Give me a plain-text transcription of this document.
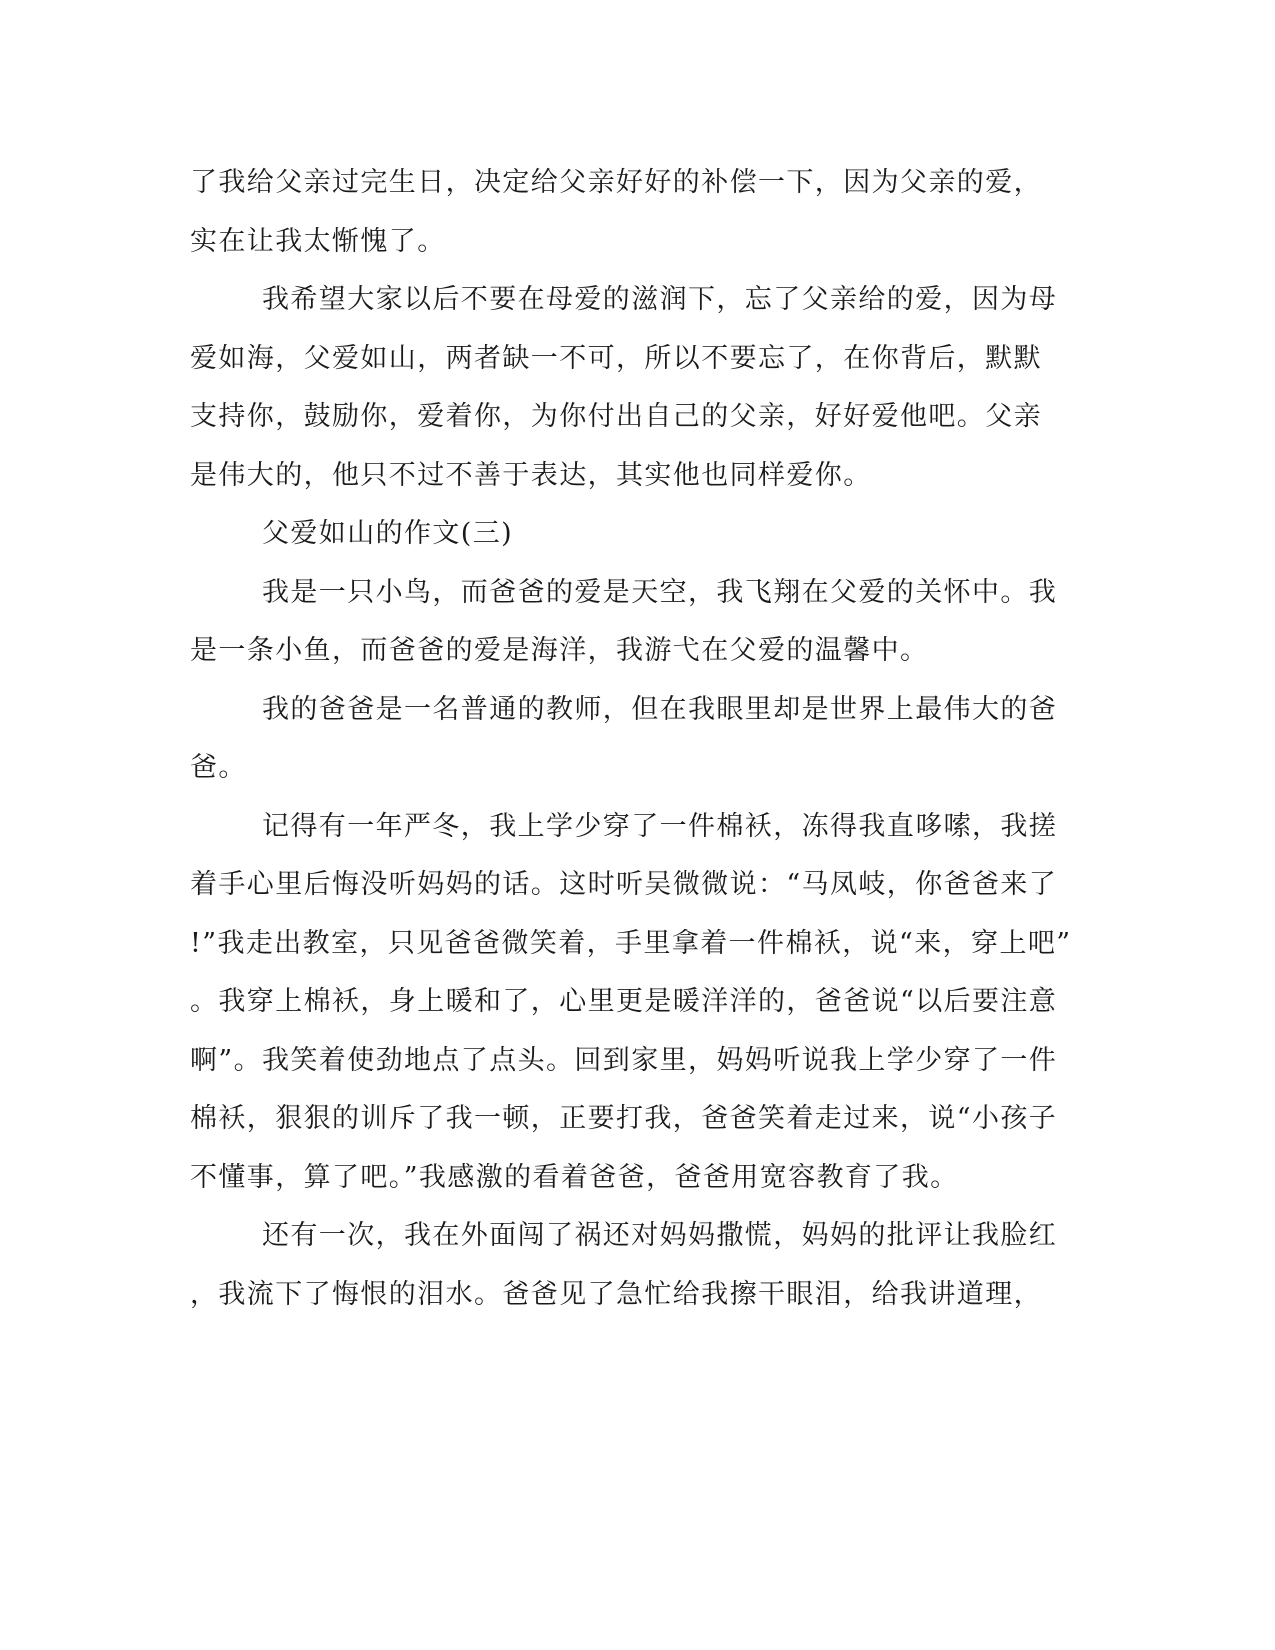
了我给父亲过完生日，决定给父亲好好的补偿一下，因为父亲的爱，
实在让我太惭愧了。
我希望大家以后不要在母爱的滋润下，忘了父亲给的爱，因为母
爱如海，父爱如山，两者缺一不可，所以不要忘了，在你背后，默默
支持你，鼓励你，爱着你，为你付出自己的父亲，好好爱他吧。父亲
是伟大的，他只不过不善于表达，其实他也同样爱你。
父爱如山的作文(三)
我是一只小鸟，而爸爸的爱是天空，我飞翔在父爱的关怀中。我
是一条小鱼，而爸爸的爱是海洋，我游弋在父爱的温馨中。
我的爸爸是一名普通的教师，但在我眼里却是世界上最伟大的爸
爸。
记得有一年严冬，我上学少穿了一件棉袄，冻得我直哆嗦，我搓
着手心里后悔没听妈妈的话。这时听吴微微说：“马凤岐，你爸爸来了
!”我走出教室，只见爸爸微笑着，手里拿着一件棉袄，说“来，穿上吧”
。我穿上棉袄，身上暖和了，心里更是暖洋洋的，爸爸说“以后要注意
啊”。我笑着使劲地点了点头。回到家里，妈妈听说我上学少穿了一件
棉袄，狠狠的训斥了我一顿，正要打我，爸爸笑着走过来，说“小孩子
不懂事，算了吧。”我感激的看着爸爸，爸爸用宽容教育了我。
还有一次，我在外面闯了祸还对妈妈撒慌，妈妈的批评让我脸红
，我流下了悔恨的泪水。爸爸见了急忙给我擦干眼泪，给我讲道理，
